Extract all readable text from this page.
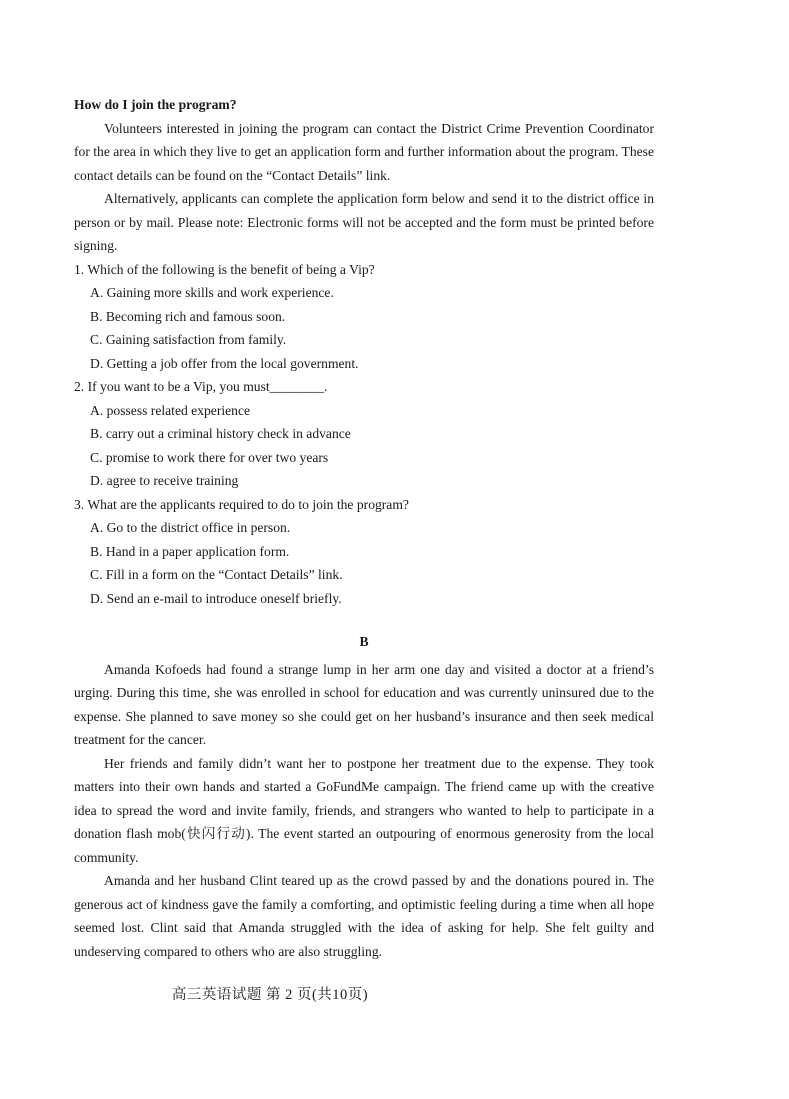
How do I join the program?

Volunteers interested in joining the program can contact the District Crime Prevention Coordinator for the area in which they live to get an application form and further information about the program. These contact details can be found on the “Contact Details” link.

Alternatively, applicants can complete the application form below and send it to the district office in person or by mail. Please note: Electronic forms will not be accepted and the form must be printed before signing.

1. Which of the following is the benefit of being a Vip?

A. Gaining more skills and work experience.

B. Becoming rich and famous soon.

C. Gaining satisfaction from family.

D. Getting a job offer from the local government.

2. If you want to be a Vip, you must________.

A. possess related experience

B. carry out a criminal history check in advance

C. promise to work there for over two years

D. agree to receive training

3. What are the applicants required to do to join the program?

A. Go to the district office in person.

B. Hand in a paper application form.

C. Fill in a form on the “Contact Details” link.

D. Send an e-mail to introduce oneself briefly.

B

Amanda Kofoeds had found a strange lump in her arm one day and visited a doctor at a friend’s urging. During this time, she was enrolled in school for education and was currently uninsured due to the expense. She planned to save money so she could get on her husband’s insurance and then seek medical treatment for the cancer.

Her friends and family didn’t want her to postpone her treatment due to the expense. They took matters into their own hands and started a GoFundMe campaign. The friend came up with the creative idea to spread the word and invite family, friends, and strangers who wanted to help to participate in a donation flash mob(快闪行动). The event started an outpouring of enormous generosity from the local community.

Amanda and her husband Clint teared up as the crowd passed by and the donations poured in. The generous act of kindness gave the family a comforting, and optimistic feeling during a time when all hope seemed lost. Clint said that Amanda struggled with the idea of asking for help. She felt guilty and undeserving compared to others who are also struggling.

高三英语试题 第 2 页(共10页)
